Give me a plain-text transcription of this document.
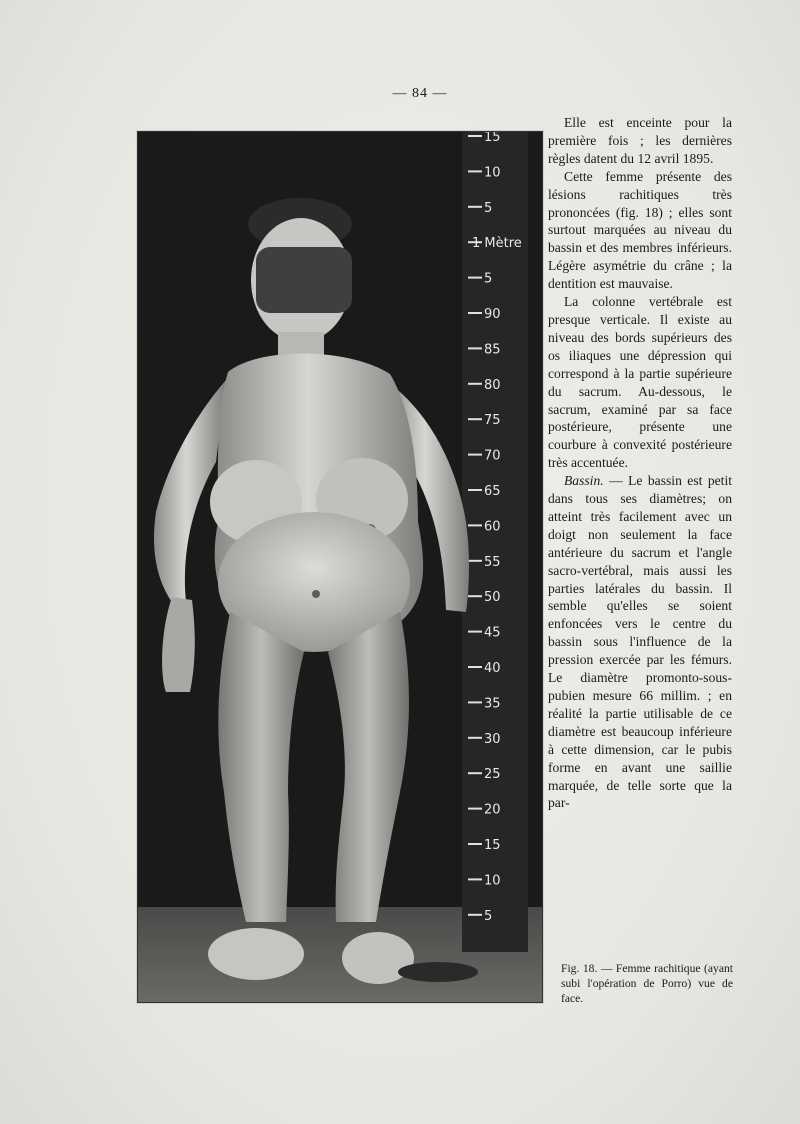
— 84 —
15
10
5
1 Mètre
5
90
85
80
75
70
65
60
55
50
45
40
35
30
25
20
15
10
5

Elle est enceinte pour la première fois ; les dernières règles datent du 12 avril 1895.

Cette femme présente des lésions rachitiques très prononcées (fig. 18) ; elles sont surtout marquées au niveau du bassin et des membres inférieurs. Légère asymétrie du crâne ; la dentition est mauvaise.

La colonne vertébrale est presque verticale. Il existe au niveau des bords supérieurs des os iliaques une dépression qui correspond à la partie supérieure du sacrum. Au-dessous, le sacrum, examiné par sa face postérieure, présente une courbure à convexité postérieure très accentuée.

Bassin. — Le bassin est petit dans tous ses diamètres; on atteint très facilement avec un doigt non seulement la face antérieure du sacrum et l'angle sacro-vertébral, mais aussi les parties latérales du bassin. Il semble qu'elles se soient enfoncées vers le centre du bassin sous l'influence de la pression exercée par les fémurs. Le diamètre promonto-sous-pubien mesure 66 millim. ; en réalité la partie utilisable de ce diamètre est beaucoup inférieure à cette dimension, car le pubis forme en avant une saillie marquée, de telle sorte que la par-

Fig. 18. — Femme rachitique (ayant subi l'opération de Porro) vue de face.
